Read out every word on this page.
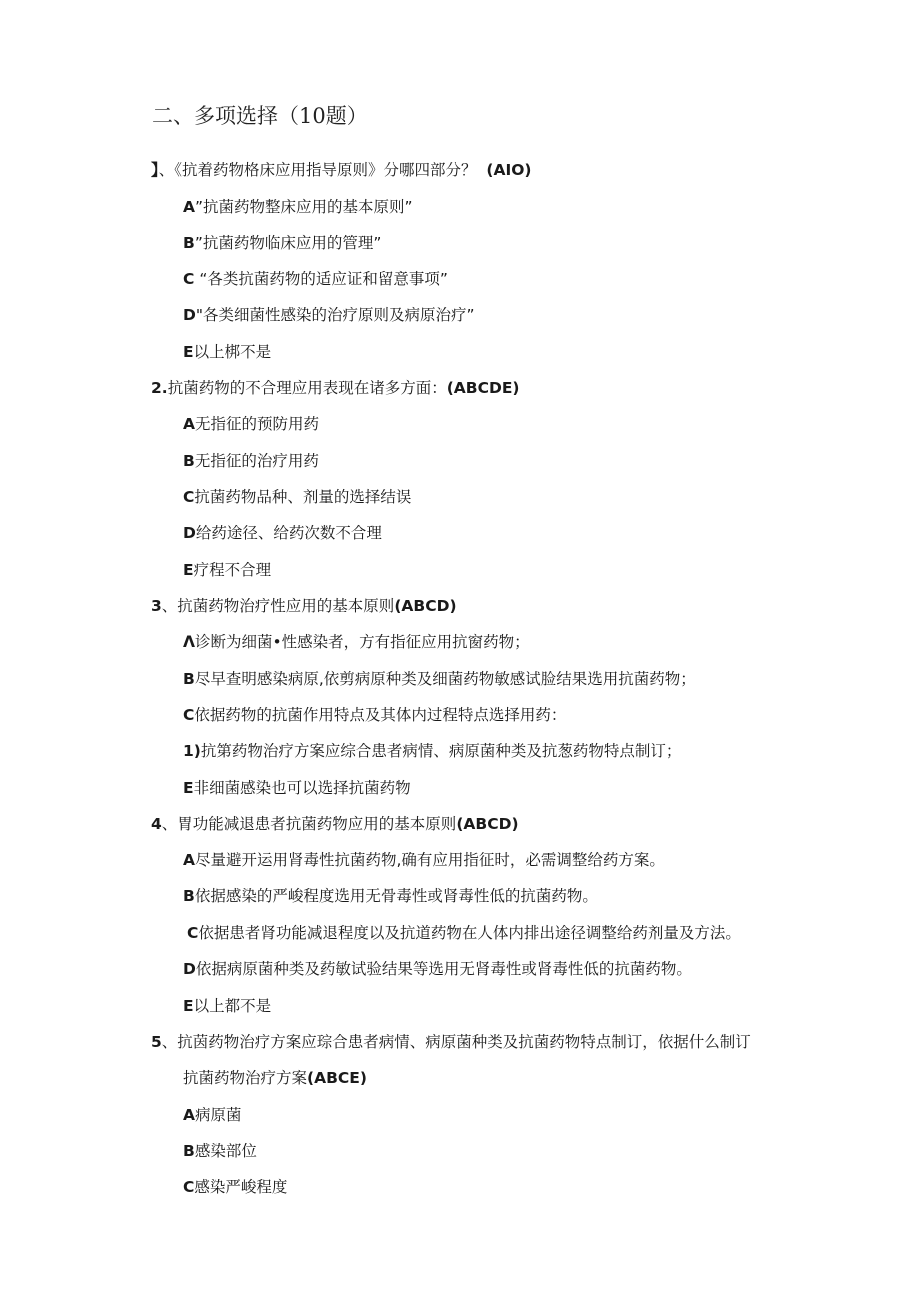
二、多项选择（10题）
】、《抗着药物格床应用指导原则》分哪四部分？ (AIO)
A”抗菌药物整床应用的基本原则”
B”抗菌药物临床应用的管理”
C “各类抗菌药物的适应证和留意事项”
D"各类细菌性感染的治疗原则及病原治疗”
E以上梆不是
2.抗菌药物的不合理应用表现在诸多方面：(ABCDE)
A无指征的预防用药
B无指征的治疗用药
C抗菌药物品种、剂量的选择结误
D给药途径、给药次数不合理
E疗程不合理
3、抗菌药物治疗性应用的基本原则(ABCD)
Λ诊断为细菌•性感染者，方有指征应用抗窗药物；
B尽早查明感染病原,依剪病原种类及细菌药物敏感试脸结果选用抗菌药物；
C依据药物的抗菌作用特点及其体内过程特点选择用药：
1)抗第药物治疗方案应综合患者病情、病原菌种类及抗葱药物特点制订；
E非细菌感染也可以选择抗菌药物
4、胃功能减退患者抗菌药物应用的基本原则(ABCD)
A尽量避开运用肾毒性抗菌药物,确有应用指征时，必需调整给药方案。
B依据感染的严峻程度选用无骨毒性或肾毒性低的抗菌药物。
C依据患者肾功能减退程度以及抗道药物在人体内排出途径调整给药剂量及方法。
D依据病原菌种类及药敏试验结果等选用无肾毒性或肾毒性低的抗菌药物。
E以上都不是
5、抗茵药物治疗方案应琮合患者病情、病原菌种类及抗菌药物特点制订，依据什么制订
抗菌药物治疗方案(ABCE)
A病原菌
B感染部位
C感染严峻程度
